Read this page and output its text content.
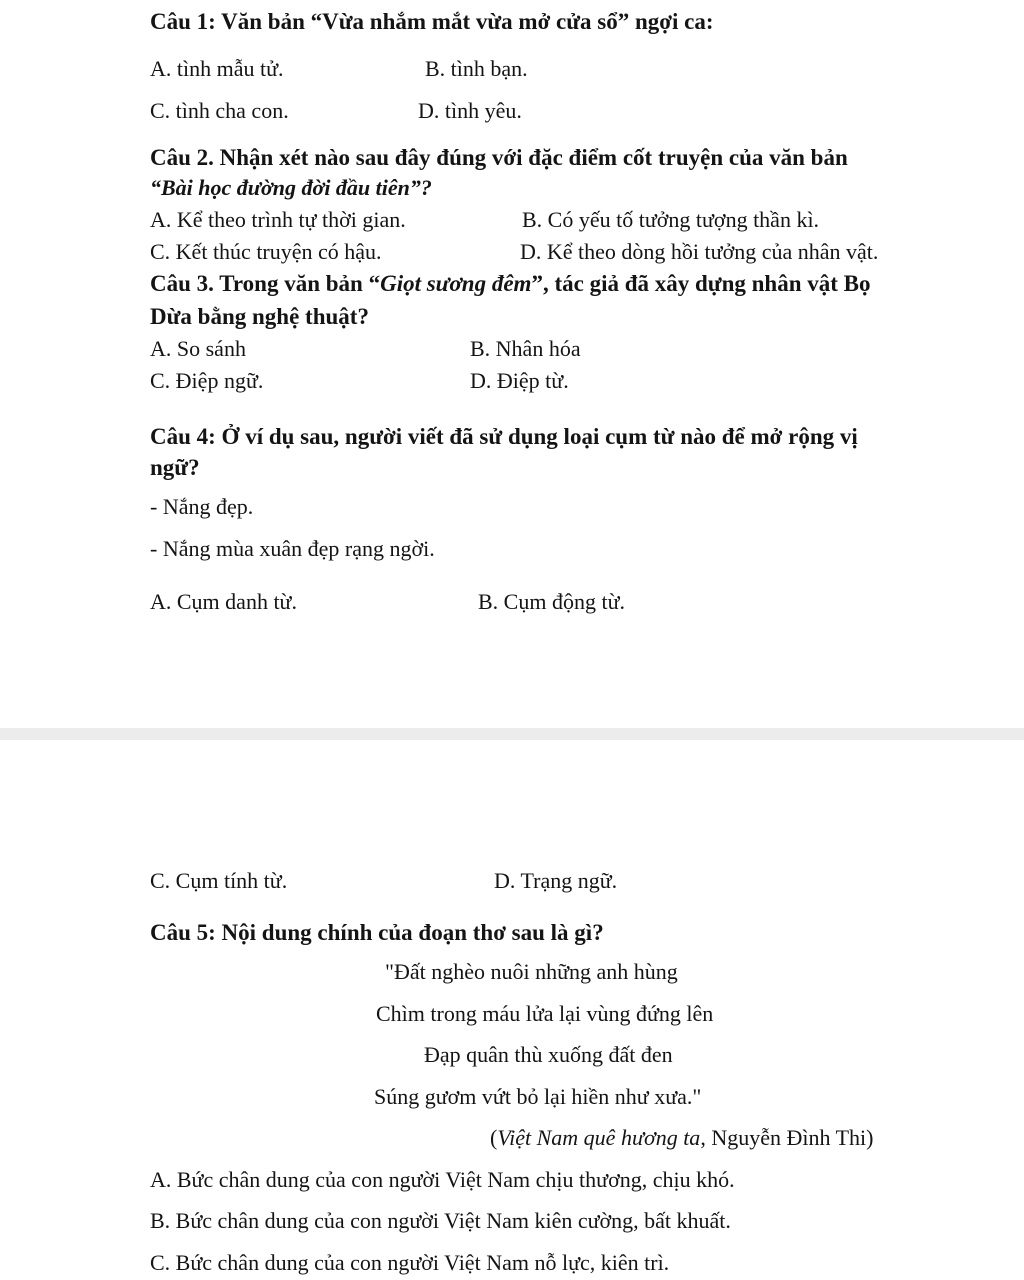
Câu 1: Văn bản “Vừa nhắm mắt vừa mở cửa sổ” ngợi ca:
A. tình mẫu tử.	B. tình bạn.
C. tình cha con.	D. tình yêu.
Câu 2. Nhận xét nào sau đây đúng với đặc điểm cốt truyện của văn bản
“Bài học đường đời đầu tiên”?
A. Kể theo trình tự thời gian.	B. Có yếu tố tưởng tượng thần kì.
C. Kết thúc truyện có hậu.	D. Kể theo dòng hồi tưởng của nhân vật.
Câu 3. Trong văn bản “Giọt sương đêm”, tác giả đã xây dựng nhân vật Bọ
Dừa bằng nghệ thuật?
A. So sánh	B. Nhân hóa
C. Điệp ngữ.	D. Điệp từ.
Câu 4: Ở ví dụ sau, người viết đã sử dụng loại cụm từ nào để mở rộng vị
ngữ?
- Nắng đẹp.
- Nắng mùa xuân đẹp rạng ngời.
A. Cụm danh từ.	B. Cụm động từ.
C. Cụm tính từ.	D. Trạng ngữ.
Câu 5: Nội dung chính của đoạn thơ sau là gì?
"Đất nghèo nuôi những anh hùng
Chìm trong máu lửa lại vùng đứng lên
Đạp quân thù xuống đất đen
Súng gươm vứt bỏ lại hiền như xưa."
(Việt Nam quê hương ta, Nguyễn Đình Thi)
A. Bức chân dung của con người Việt Nam chịu thương, chịu khó.
B. Bức chân dung của con người Việt Nam kiên cường, bất khuất.
C. Bức chân dung của con người Việt Nam nỗ lực, kiên trì.
